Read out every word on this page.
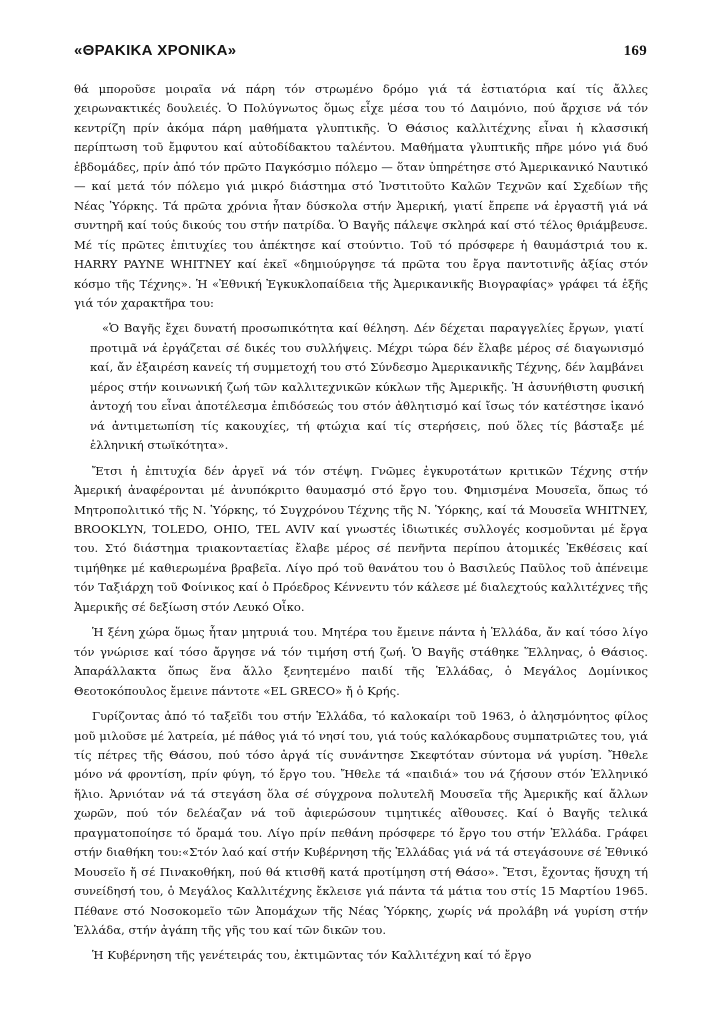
«ΘΡΑΚΙΚΑ ΧΡΟΝΙΚΑ»	169

θά μποροῦσε μοιραῖα νά πάρη τόν στρωμένο δρόμο γιά τά ἐστιατόρια καί τίς ἄλλες χειρωνακτικές δουλειές. Ὁ Πολύγνωτος ὅμως εἶχε μέσα του τό Δαιμόνιο, πού ἄρχισε νά τόν κεντρίζη πρίν ἀκόμα πάρη μαθήματα γλυπτικῆς. Ὁ Θάσιος καλλιτέχνης εἶναι ἡ κλασσική περίπτωση τοῦ ἔμφυτου καί αὐτοδίδακτου ταλέντου. Μαθήματα γλυπτικῆς πῆρε μόνο γιά δυό ἑβδομάδες, πρίν ἀπό τόν πρῶτο Παγκόσμιο πόλεμο — ὅταν ὑπηρέτησε στό Ἀμερικανικό Ναυτικό — καί μετά τόν πόλεμο γιά μικρό διάστημα στό Ἰνστιτοῦτο Καλῶν Τεχνῶν καί Σχεδίων τῆς Νέας Ὑόρκης. Τά πρῶτα χρόνια ἦταν δύσκολα στήν Ἀμερική, γιατί ἔπρεπε νά ἐργαστῆ γιά νά συντηρῆ καί τούς δικούς του στήν πατρίδα. Ὁ Βαγῆς πάλεψε σκληρά καί στό τέλος θριάμβευσε. Μέ τίς πρῶτες ἐπιτυχίες του ἀπέκτησε καί στούντιο. Τοῦ τό πρόσφερε ἡ θαυμάστριά του κ. HARRY PAYNE WHITNEY καί ἐκεῖ «δημιούργησε τά πρῶτα του ἔργα παντοτινῆς ἀξίας στόν κόσμο τῆς Τέχνης». Ἡ «Ἐθνική Ἐγκυκλοπαίδεια τῆς Ἀμερικανικῆς Βιογραφίας» γράφει τά ἑξῆς γιά τόν χαρακτῆρα του:

«Ὁ Βαγῆς ἔχει δυνατή προσωπικότητα καί θέληση. Δέν δέχεται παραγγελίες ἔργων, γιατί προτιμᾶ νά ἐργάζεται σέ δικές του συλλήψεις. Μέχρι τώρα δέν ἔλαβε μέρος σέ διαγωνισμό καί, ἄν ἐξαιρέση κανείς τή συμμετοχή του στό Σύνδεσμο Ἀμερικανικῆς Τέχνης, δέν λαμβάνει μέρος στήν κοινωνική ζωή τῶν καλλιτεχνικῶν κύκλων τῆς Ἀμερικῆς. Ἡ ἀσυνήθιστη φυσική ἀντοχή του εἶναι ἀποτέλεσμα ἐπιδόσεώς του στόν ἀθλητισμό καί ἴσως τόν κατέστησε ἱκανό νά ἀντιμετωπίση τίς κακουχίες, τή φτώχια καί τίς στερήσεις, πού ὅλες τίς βάσταξε μέ ἑλληνική στωϊκότητα».

Ἔτσι ἡ ἐπιτυχία δέν ἀργεῖ νά τόν στέψη. Γνῶμες ἐγκυροτάτων κριτικῶν Τέχνης στήν Ἀμερική ἀναφέρονται μέ ἀνυπόκριτο θαυμασμό στό ἔργο του. Φημισμένα Μουσεῖα, ὅπως τό Μητροπολιτικό τῆς Ν. Ὑόρκης, τό Συγχρόνου Τέχνης τῆς Ν. Ὑόρκης, καί τά Μουσεῖα WHITNEY, BROOKLYN, TOLEDO, OHIO, TEL AVIV καί γνωστές ἰδιωτικές συλλογές κοσμοῦνται μέ ἔργα του. Στό διάστημα τριακονταετίας ἔλαβε μέρος σέ πενῆντα περίπου ἀτομικές Ἐκθέσεις καί τιμήθηκε μέ καθιερωμένα βραβεῖα. Λίγο πρό τοῦ θανάτου του ὁ Βασιλεύς Παῦλος τοῦ ἀπένειμε τόν Ταξιάρχη τοῦ Φοίνικος καί ὁ Πρόεδρος Κέννεντυ τόν κάλεσε μέ διαλεχτούς καλλιτέχνες τῆς Ἀμερικῆς σέ δεξίωση στόν Λευκό Οἶκο.

Ἡ ξένη χώρα ὅμως ἦταν μητρυιά του. Μητέρα του ἔμεινε πάντα ἡ Ἑλλάδα, ἄν καί τόσο λίγο τόν γνώρισε καί τόσο ἄργησε νά τόν τιμήση στή ζωή. Ὁ Βαγῆς στάθηκε Ἕλληνας, ὁ Θάσιος. Ἀπαράλλακτα ὅπως ἕνα ἄλλο ξενητεμένο παιδί τῆς Ἑλλάδας, ὁ Μεγάλος Δομίνικος Θεοτοκόπουλος ἔμεινε πάντοτε «EL GRECO» ἤ ὁ Κρής.

Γυρίζοντας ἀπό τό ταξεῖδι του στήν Ἑλλάδα, τό καλοκαίρι τοῦ 1963, ὁ ἀλησμόνητος φίλος μοῦ μιλοῦσε μέ λατρεία, μέ πάθος γιά τό νησί του, γιά τούς καλόκαρδους συμπατριῶτες του, γιά τίς πέτρες τῆς Θάσου, πού τόσο ἀργά τίς συνάντησε Σκεφτόταν σύντομα νά γυρίση. Ἤθελε μόνο νά φροντίση, πρίν φύγη, τό ἔργο του. Ἤθελε τά «παιδιά» του νά ζήσουν στόν Ἑλληνικό ἥλιο. Ἀρνιόταν νά τά στεγάση ὅλα σέ σύγχρονα πολυτελῆ Μουσεῖα τῆς Ἀμερικῆς καί ἄλλων χωρῶν, πού τόν δελέαζαν νά τοῦ ἀφιερώσουν τιμητικές αἴθουσες. Καί ὁ Βαγῆς τελικά πραγματοποίησε τό ὄραμά του. Λίγο πρίν πεθάνη πρόσφερε τό ἔργο του στήν Ἑλλάδα. Γράφει στήν διαθήκη του:«Στόν λαό καί στήν Κυβέρνηση τῆς Ἑλλάδας γιά νά τά στεγάσουνε σέ Ἐθνικό Μουσεῖο ἤ σέ Πινακοθήκη, πού θά κτισθῆ κατά προτίμηση στή Θάσο». Ἔτσι, ἔχοντας ἥσυχη τή συνείδησή του, ὁ Μεγάλος Καλλιτέχνης ἔκλεισε γιά πάντα τά μάτια του στίς 15 Μαρτίου 1965. Πέθανε στό Νοσοκομεῖο τῶν Ἀπομάχων τῆς Νέας Ὑόρκης, χωρίς νά προλάβη νά γυρίση στήν Ἑλλάδα, στήν ἀγάπη τῆς γῆς του καί τῶν δικῶν του.

Ἡ Κυβέρνηση τῆς γενέτειράς του, ἐκτιμῶντας τόν Καλλιτέχνη καί τό ἔργο
